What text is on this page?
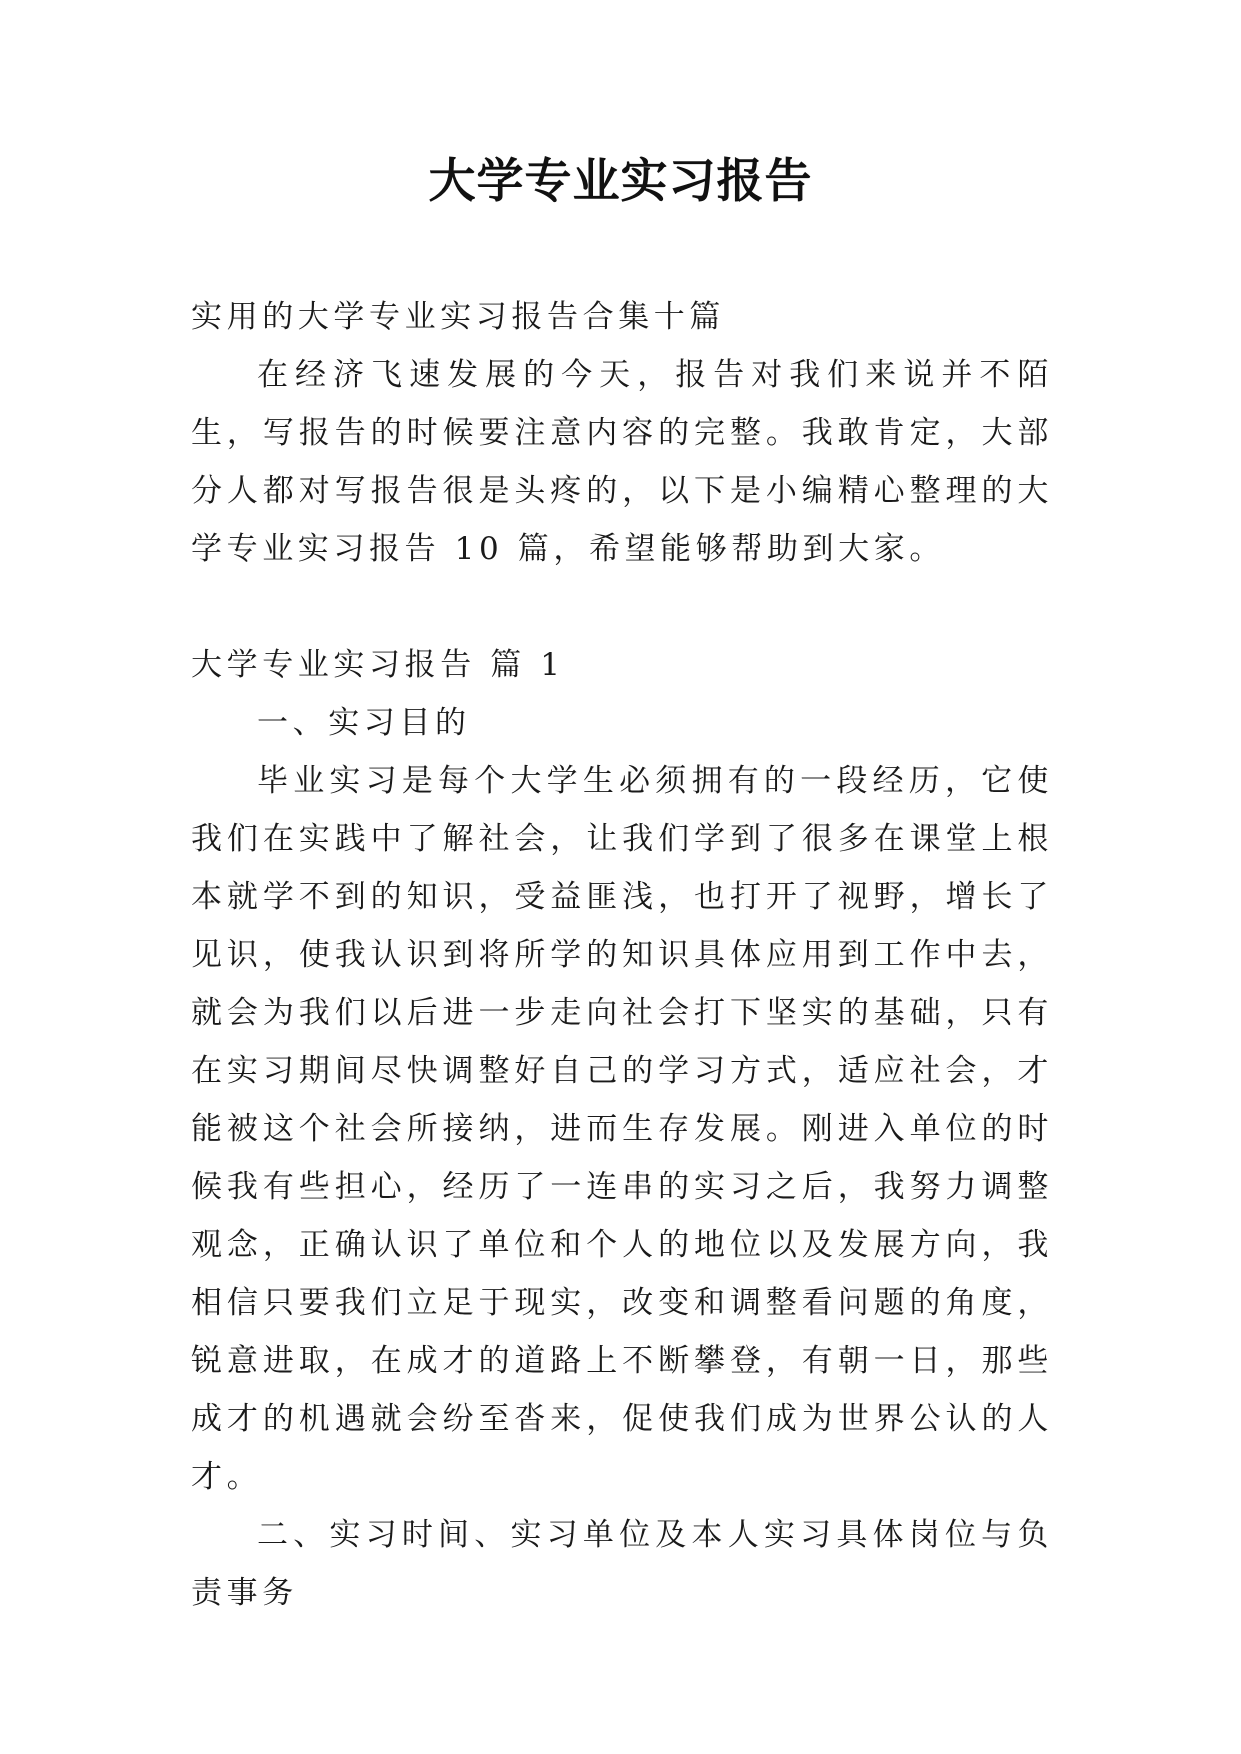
大学专业实习报告

实用的大学专业实习报告合集十篇

在经济飞速发展的今天，报告对我们来说并不陌生，写报告的时候要注意内容的完整。我敢肯定，大部分人都对写报告很是头疼的，以下是小编精心整理的大学专业实习报告 10 篇，希望能够帮助到大家。

大学专业实习报告 篇 1

一、实习目的

毕业实习是每个大学生必须拥有的一段经历，它使我们在实践中了解社会，让我们学到了很多在课堂上根本就学不到的知识，受益匪浅，也打开了视野，增长了见识，使我认识到将所学的知识具体应用到工作中去，就会为我们以后进一步走向社会打下坚实的基础，只有在实习期间尽快调整好自己的学习方式，适应社会，才能被这个社会所接纳，进而生存发展。刚进入单位的时候我有些担心，经历了一连串的实习之后，我努力调整观念，正确认识了单位和个人的地位以及发展方向，我相信只要我们立足于现实，改变和调整看问题的角度，锐意进取，在成才的道路上不断攀登，有朝一日，那些成才的机遇就会纷至沓来，促使我们成为世界公认的人才。

二、实习时间、实习单位及本人实习具体岗位与负责事务
